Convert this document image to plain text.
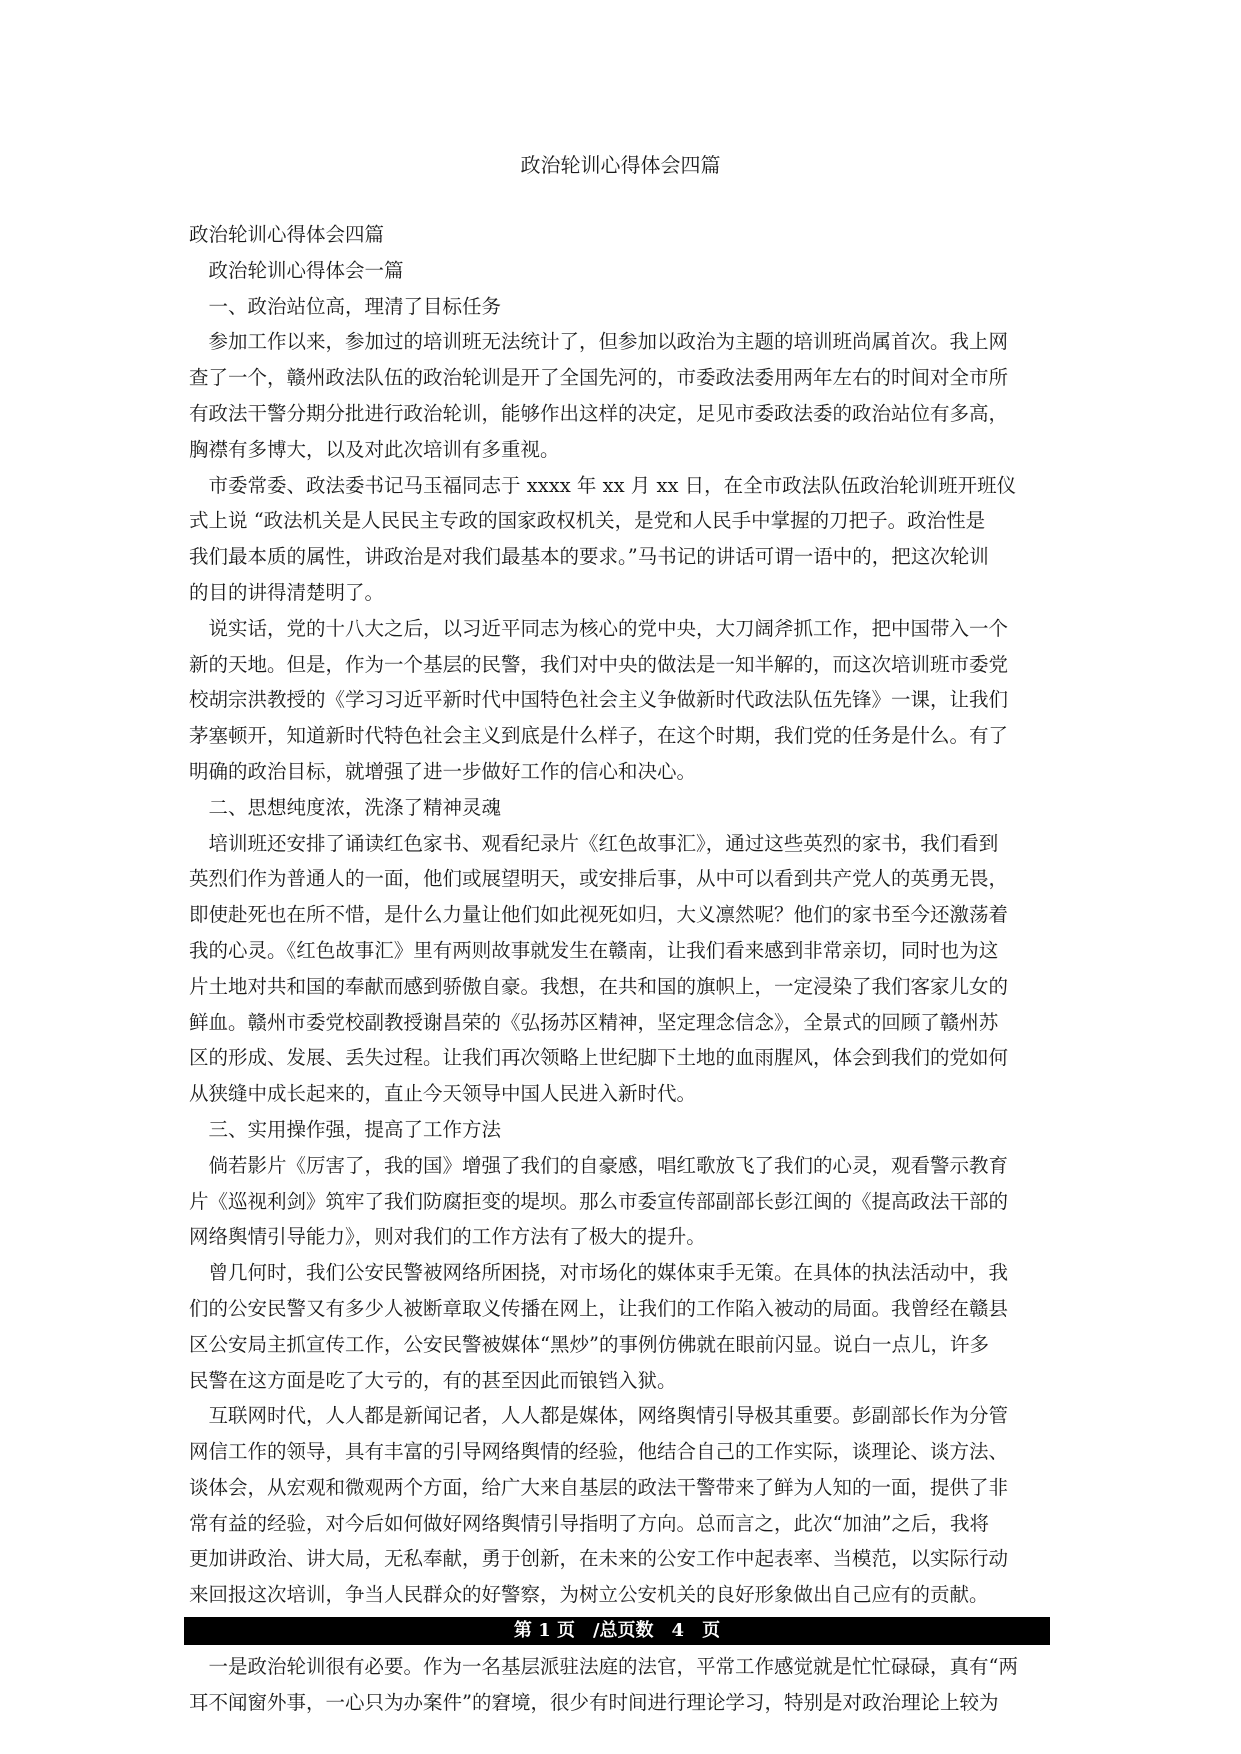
政治轮训心得体会四篇
政治轮训心得体会四篇
　政治轮训心得体会一篇
　一、政治站位高，理清了目标任务
　参加工作以来，参加过的培训班无法统计了，但参加以政治为主题的培训班尚属首次。我上网
查了一个，赣州政法队伍的政治轮训是开了全国先河的，市委政法委用两年左右的时间对全市所
有政法干警分期分批进行政治轮训，能够作出这样的决定，足见市委政法委的政治站位有多高，
胸襟有多博大，以及对此次培训有多重视。
　市委常委、政法委书记马玉福同志于 xxxx 年 xx 月 xx 日，在全市政法队伍政治轮训班开班仪
式上说 “政法机关是人民民主专政的国家政权机关，是党和人民手中掌握的刀把子。政治性是
我们最本质的属性，讲政治是对我们最基本的要求。”马书记的讲话可谓一语中的，把这次轮训
的目的讲得清楚明了。
　说实话，党的十八大之后，以习近平同志为核心的党中央，大刀阔斧抓工作，把中国带入一个
新的天地。但是，作为一个基层的民警，我们对中央的做法是一知半解的，而这次培训班市委党
校胡宗洪教授的《学习习近平新时代中国特色社会主义争做新时代政法队伍先锋》一课，让我们
茅塞顿开，知道新时代特色社会主义到底是什么样子，在这个时期，我们党的任务是什么。有了
明确的政治目标，就增强了进一步做好工作的信心和决心。
　二、思想纯度浓，洗涤了精神灵魂
　培训班还安排了诵读红色家书、观看纪录片《红色故事汇》，通过这些英烈的家书，我们看到
英烈们作为普通人的一面，他们或展望明天，或安排后事，从中可以看到共产党人的英勇无畏，
即使赴死也在所不惜，是什么力量让他们如此视死如归，大义凛然呢？他们的家书至今还激荡着
我的心灵。《红色故事汇》里有两则故事就发生在赣南，让我们看来感到非常亲切，同时也为这
片土地对共和国的奉献而感到骄傲自豪。我想，在共和国的旗帜上，一定浸染了我们客家儿女的
鲜血。赣州市委党校副教授谢昌荣的《弘扬苏区精神，坚定理念信念》，全景式的回顾了赣州苏
区的形成、发展、丢失过程。让我们再次领略上世纪脚下土地的血雨腥风，体会到我们的党如何
从狭缝中成长起来的，直止今天领导中国人民进入新时代。
　三、实用操作强，提高了工作方法
　倘若影片《厉害了，我的国》增强了我们的自豪感，唱红歌放飞了我们的心灵，观看警示教育
片《巡视利剑》筑牢了我们防腐拒变的堤坝。那么市委宣传部副部长彭江闽的《提高政法干部的
网络舆情引导能力》，则对我们的工作方法有了极大的提升。
　曾几何时，我们公安民警被网络所困挠，对市场化的媒体束手无策。在具体的执法活动中，我
们的公安民警又有多少人被断章取义传播在网上，让我们的工作陷入被动的局面。我曾经在赣县
区公安局主抓宣传工作，公安民警被媒体“黑炒”的事例仿佛就在眼前闪显。说白一点儿，许多
民警在这方面是吃了大亏的，有的甚至因此而锒铛入狱。
　互联网时代，人人都是新闻记者，人人都是媒体，网络舆情引导极其重要。彭副部长作为分管
网信工作的领导，具有丰富的引导网络舆情的经验，他结合自己的工作实际，谈理论、谈方法、
谈体会，从宏观和微观两个方面，给广大来自基层的政法干警带来了鲜为人知的一面，提供了非
常有益的经验，对今后如何做好网络舆情引导指明了方向。总而言之，此次“加油”之后，我将
更加讲政治、讲大局，无私奉献，勇于创新，在未来的公安工作中起表率、当模范，以实际行动
来回报这次培训，争当人民群众的好警察，为树立公安机关的良好形象做出自己应有的贡献。
　一是政治轮训很有必要。作为一名基层派驻法庭的法官，平常工作感觉就是忙忙碌碌，真有“两
耳不闻窗外事，一心只为办案件”的窘境，很少有时间进行理论学习，特别是对政治理论上较为
第 1 页　/总页数　4　页
